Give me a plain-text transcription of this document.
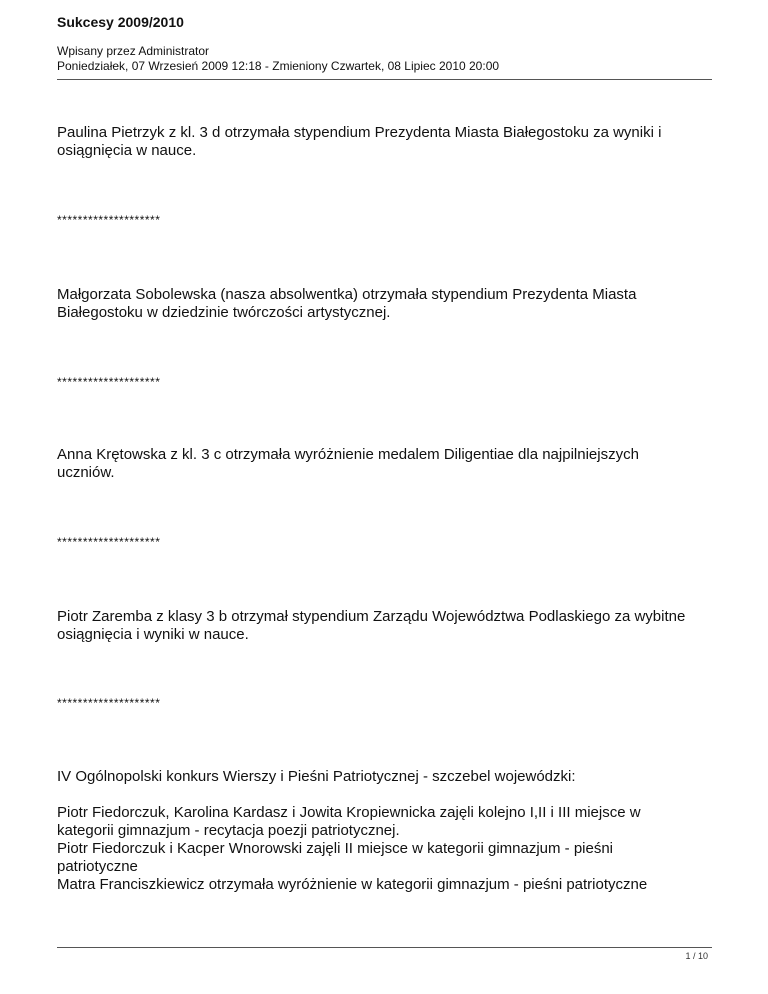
Sukcesy 2009/2010
Wpisany przez Administrator
Poniedziałek, 07 Wrzesień 2009 12:18 - Zmieniony Czwartek, 08 Lipiec 2010 20:00

Paulina Pietrzyk z kl. 3 d otrzymała stypendium Prezydenta Miasta Białegostoku za wyniki i
osiągnięcia w nauce.

********************

Małgorzata Sobolewska (nasza absolwentka) otrzymała stypendium Prezydenta Miasta
Białegostoku w dziedzinie twórczości artystycznej.

********************

Anna Krętowska z kl. 3 c otrzymała wyróżnienie medalem Diligentiae dla najpilniejszych
uczniów.

********************

Piotr Zaremba z klasy 3 b otrzymał stypendium Zarządu Województwa Podlaskiego za wybitne
osiągnięcia i wyniki w nauce.

********************

IV Ogólnopolski konkurs Wierszy i Pieśni Patriotycznej - szczebel wojewódzki:

Piotr Fiedorczuk, Karolina Kardasz i Jowita Kropiewnicka zajęli kolejno I,II i III miejsce w
kategorii gimnazjum - recytacja poezji patriotycznej.
Piotr Fiedorczuk i Kacper Wnorowski zajęli II miejsce w kategorii gimnazjum - pieśni
patriotyczne
Matra Franciszkiewicz otrzymała wyróżnienie w kategorii gimnazjum - pieśni patriotyczne

1 / 10
